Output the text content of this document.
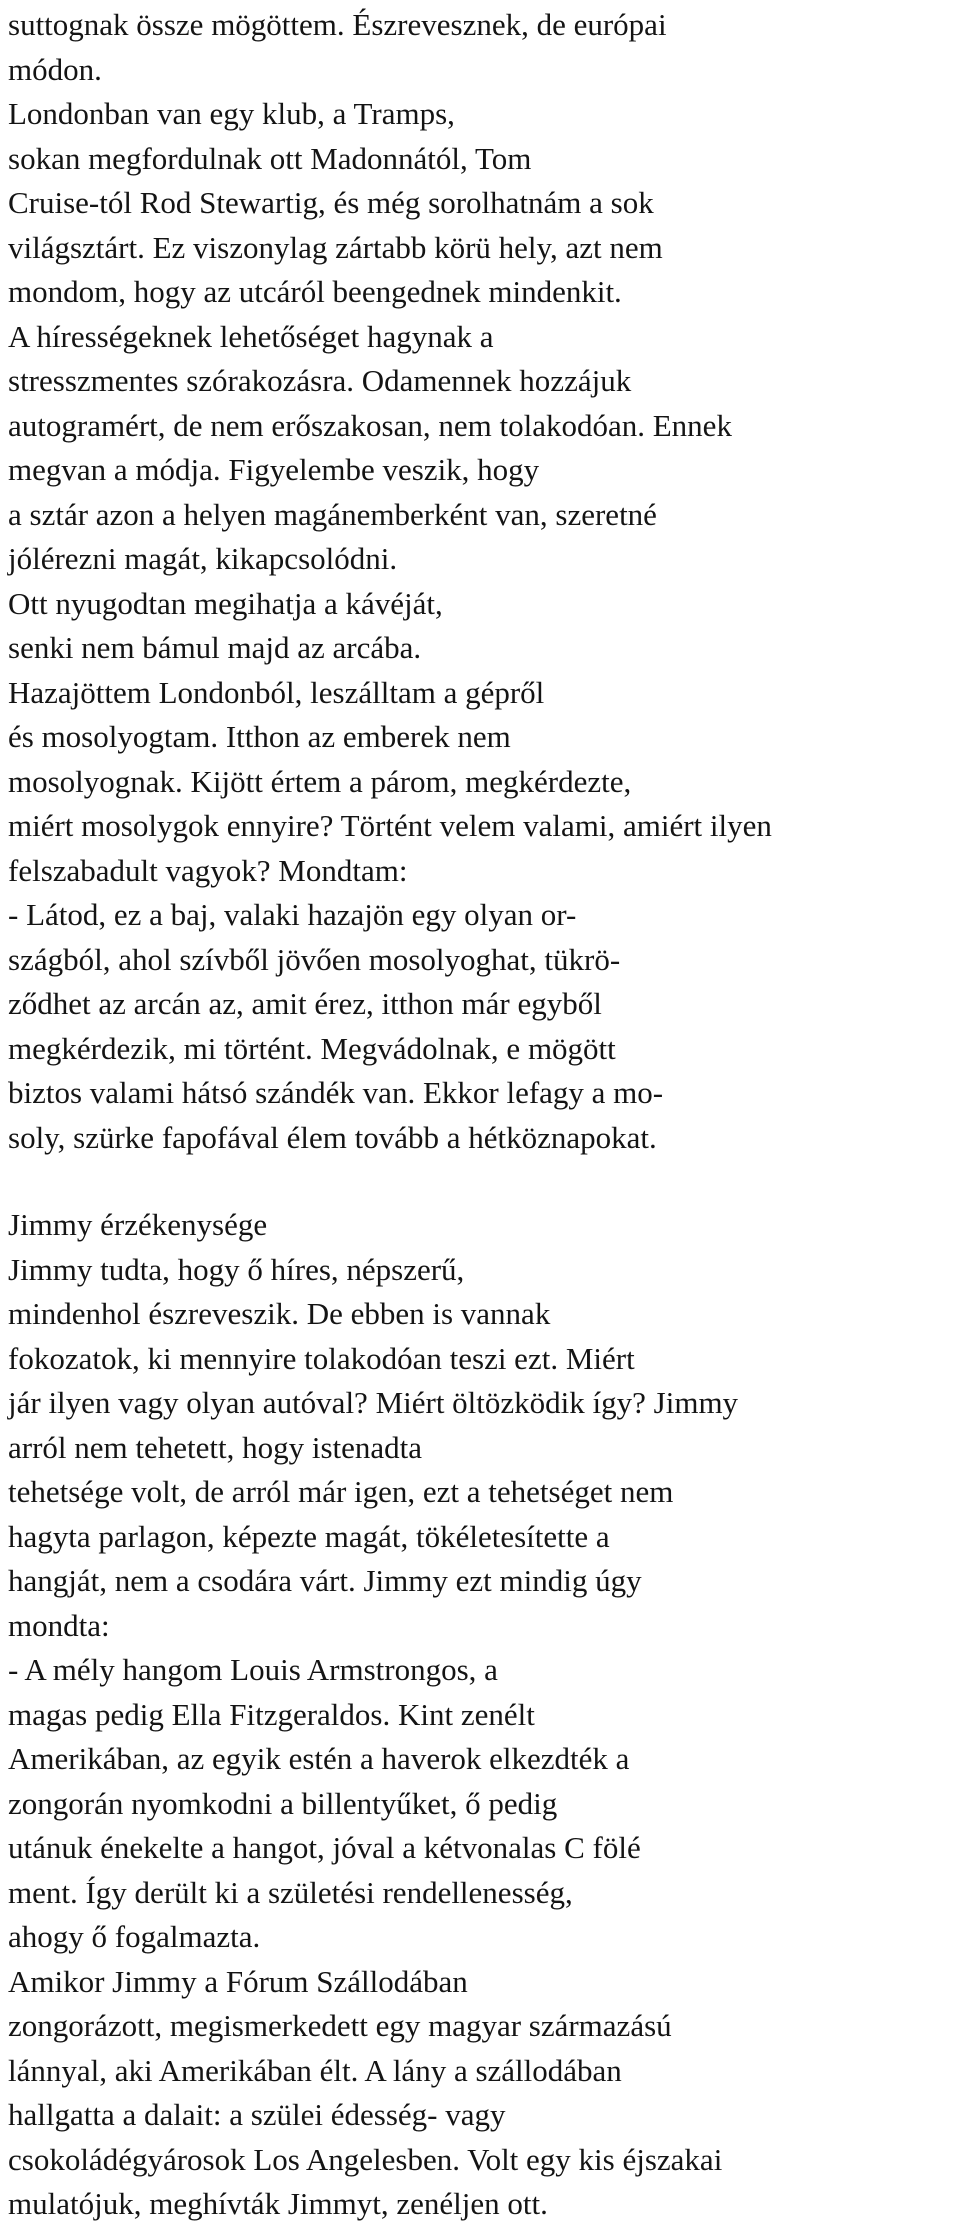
suttognak össze mögöttem. Észrevesznek, de európai
módon.
Londonban van egy klub, a Tramps,
sokan megfordulnak ott Madonnától, Tom
Cruise-tól Rod Stewartig, és még sorolhatnám a sok
világsztárt. Ez viszonylag zártabb körü hely, azt nem
mondom, hogy az utcáról beengednek mindenkit.
A hírességeknek lehetőséget hagynak a
stresszmentes szórakozásra. Odamennek hozzájuk
autogramért, de nem erőszakosan, nem tolakodóan. Ennek
megvan a módja. Figyelembe veszik, hogy
a sztár azon a helyen magánemberként van, szeretné
jólérezni magát, kikapcsolódni.
Ott nyugodtan megihatja a kávéját,
senki nem bámul majd az arcába.
Hazajöttem Londonból, leszálltam a gépről
és mosolyogtam. Itthon az emberek nem
mosolyognak. Kijött értem a párom, megkérdezte,
miért mosolygok ennyire? Történt velem valami, amiért ilyen
felszabadult vagyok? Mondtam:
- Látod, ez a baj, valaki hazajön egy olyan or-
szágból, ahol szívből jövően mosolyoghat, tükrö-
ződhet az arcán az, amit érez, itthon már egyből
megkérdezik, mi történt. Megvádolnak, e mögött
biztos valami hátsó szándék van. Ekkor lefagy a mo-
soly, szürke fapofával élem tovább a hétköznapokat.
Jimmy érzékenysége
Jimmy tudta, hogy ő híres, népszerű,
mindenhol észreveszik. De ebben is vannak
fokozatok, ki mennyire tolakodóan teszi ezt. Miért
jár ilyen vagy olyan autóval? Miért öltözködik így? Jimmy
arról nem tehetett, hogy istenadta
tehetsége volt, de arról már igen, ezt a tehetséget nem
hagyta parlagon, képezte magát, tökéletesítette a
hangját, nem a csodára várt. Jimmy ezt mindig úgy
mondta:
- A mély hangom Louis Armstrongos, a
magas pedig Ella Fitzgeraldos. Kint zenélt
Amerikában, az egyik estén a haverok elkezdték a
zongorán nyomkodni a billentyűket, ő pedig
utánuk énekelte a hangot, jóval a kétvonalas C fölé
ment. Így derült ki a születési rendellenesség,
ahogy ő fogalmazta.
Amikor Jimmy a Fórum Szállodában
zongorázott, megismerkedett egy magyar származású
lánnyal, aki Amerikában élt. A lány a szállodában
hallgatta a dalait: a szülei édesség- vagy
csokoládégyárosok Los Angelesben. Volt egy kis éjszakai
mulatójuk, meghívták Jimmyt, zenéljen ott.
